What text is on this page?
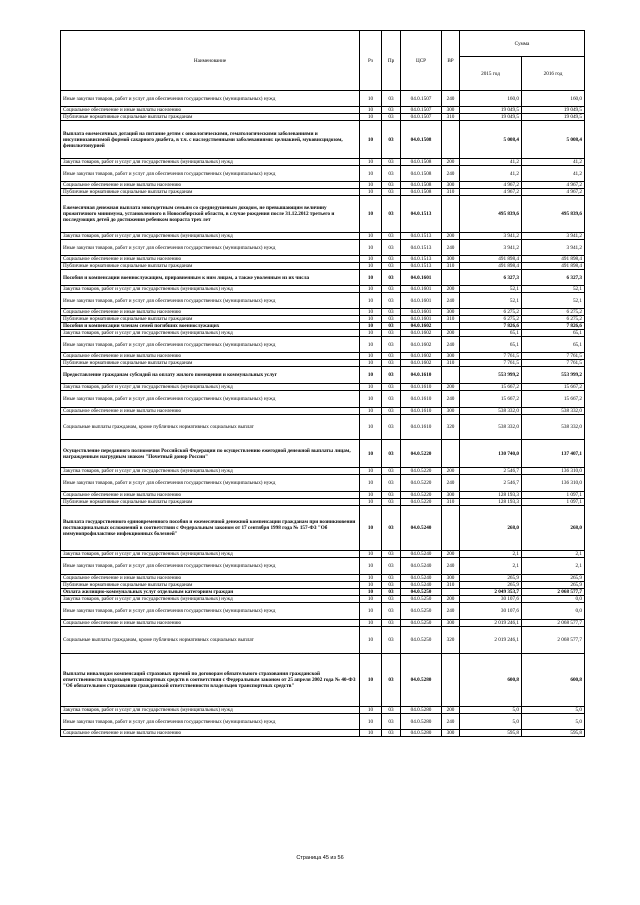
Наименование	Рз	Пр	ЦСР	ВР	Сумма	
					2015 год	2016 год
Иные закупки товаров, работ и услуг для обеспечения государственных (муниципальных) нужд	10	03	04.0.1507	240	160,0	160,0
Социальное обеспечение и иные выплаты населению	10	03	04.0.1507	300	19 049,5	19 049,5
Публичные нормативные социальные выплаты гражданам	10	03	04.0.1507	310	19 049,5	19 049,5
Выплата ежемесячных дотаций на питание детям с онкологическими, гематологическими заболеваниями и инсулинозависимой формой сахарного диабета, в т.ч. с наследственными заболеваниями: целиакией, муковисцидозом, фенилкетонурией	10	03	04.0.1508		5 008,4	5 008,4
Закупка товаров, работ и услуг для государственных (муниципальных) нужд	10	03	04.0.1508	200	41,2	41,2
Иные закупки товаров, работ и услуг для обеспечения государственных (муниципальных) нужд	10	03	04.0.1508	240	41,2	41,2
Социальное обеспечение и иные выплаты населению	10	03	04.0.1508	300	4 967,2	4 967,2
Публичные нормативные социальные выплаты гражданам	10	03	04.0.1508	310	4 967,2	4 967,2
Ежемесячная денежная выплата многодетным семьям со среднедушевым доходом, не превышающим величину прожиточного минимума, установленного в Новосибирской области, в случае рождения после 31.12.2012 третьего и последующих детей до достижения ребенком возраста трех лет	10	03	04.0.1513		495 839,6	495 839,6
Закупка товаров, работ и услуг для государственных (муниципальных) нужд	10	03	04.0.1513	200	3 941,2	3 941,2
Иные закупки товаров, работ и услуг для обеспечения государственных (муниципальных) нужд	10	03	04.0.1513	240	3 941,2	3 941,2
Социальное обеспечение и иные выплаты населению	10	03	04.0.1513	300	491 898,4	491 898,4
Публичные нормативные социальные выплаты гражданам	10	03	04.0.1513	310	491 898,4	491 898,4
Пособия и компенсации военнослужащим, приравненным к ним лицам, а также уволенным из их числа	10	03	04.0.1601		6 327,3	6 327,3
Закупка товаров, работ и услуг для государственных (муниципальных) нужд	10	03	04.0.1601	200	52,1	52,1
Иные закупки товаров, работ и услуг для обеспечения государственных (муниципальных) нужд	10	03	04.0.1601	240	52,1	52,1
Социальное обеспечение и иные выплаты населению	10	03	04.0.1601	300	6 275,2	6 275,2
Публичные нормативные социальные выплаты гражданам	10	03	04.0.1601	310	6 275,2	6 275,2
Пособия и компенсации членам семей погибших военнослужащих	10	03	04.0.1602		7 826,6	7 826,6
Закупка товаров, работ и услуг для государственных (муниципальных) нужд	10	03	04.0.1602	200	65,1	65,1
Иные закупки товаров, работ и услуг для обеспечения государственных (муниципальных) нужд	10	03	04.0.1602	240	65,1	65,1
Социальное обеспечение и иные выплаты населению	10	03	04.0.1602	300	7 761,5	7 761,5
Публичные нормативные социальные выплаты гражданам	10	03	04.0.1602	310	7 761,5	7 761,5
Предоставление гражданам субсидий на оплату жилого помещения и коммунальных услуг	10	03	04.0.1610		553 999,2	553 999,2
Закупка товаров, работ и услуг для государственных (муниципальных) нужд	10	03	04.0.1610	200	15 667,2	15 667,2
Иные закупки товаров, работ и услуг для обеспечения государственных (муниципальных) нужд	10	03	04.0.1610	240	15 667,2	15 667,2
Социальное обеспечение и иные выплаты населению	10	03	04.0.1610	300	538 332,0	538 332,0
Социальные выплаты гражданам, кроме публичных нормативных социальных выплат	10	03	04.0.1610	320	538 332,0	538 332,0
Осуществление переданного полномочия Российской Федерации по осуществлению ежегодной денежной выплаты лицам, награжденным нагрудным знаком "Почетный донор России"	10	03	04.0.5220		130 740,0	137 407,1
Закупка товаров, работ и услуг для государственных (муниципальных) нужд	10	03	04.0.5220	200	2 546,7	136 310,0
Иные закупки товаров, работ и услуг для обеспечения государственных (муниципальных) нужд	10	03	04.0.5220	240	2 546,7	136 310,0
Социальное обеспечение и иные выплаты населению	10	03	04.0.5220	300	128 193,3	1 097,1
Публичные нормативные социальные выплаты гражданам	10	03	04.0.5220	310	128 193,3	1 097,1
Выплата государственного единовременного пособия и ежемесячной денежной компенсации гражданам при возникновении поствакцинальных осложнений в соответствии с Федеральным законом от 17 сентября 1998 года № 157-ФЗ "Об иммунопрофилактике инфекционных болезней"	10	03	04.0.5240		268,0	268,0
Закупка товаров, работ и услуг для государственных (муниципальных) нужд	10	03	04.0.5240	200	2,1	2,1
Иные закупки товаров, работ и услуг для обеспечения государственных (муниципальных) нужд	10	03	04.0.5240	240	2,1	2,1
Социальное обеспечение и иные выплаты населению	10	03	04.0.5240	300	265,9	265,9
Публичные нормативные социальные выплаты гражданам	10	03	04.0.5240	310	265,9	265,9
Оплата жилищно-коммунальных услуг отдельным категориям граждан	10	03	04.0.5250		2 049 353,7	2 068 577,7
Закупка товаров, работ и услуг для государственных (муниципальных) нужд	10	03	04.0.5250	200	30 107,6	0,0
Иные закупки товаров, работ и услуг для обеспечения государственных (муниципальных) нужд	10	03	04.0.5250	240	30 107,6	0,0
Социальное обеспечение и иные выплаты населению	10	03	04.0.5250	300	2 019 246,1	2 068 577,7
Социальные выплаты гражданам, кроме публичных нормативных социальных выплат	10	03	04.0.5250	320	2 019 246,1	2 068 577,7
Выплаты инвалидам компенсаций страховых премий по договорам обязательного страхования гражданской ответственности владельцев транспортных средств в соответствии с Федеральным законом от 25 апреля 2002 года № 40-ФЗ "Об обязательном страховании гражданской ответственности владельцев транспортных средств"	10	03	04.0.5280		600,8	600,8
Закупка товаров, работ и услуг для государственных (муниципальных) нужд	10	03	04.0.5280	200	5,0	5,0
Иные закупки товаров, работ и услуг для обеспечения государственных (муниципальных) нужд	10	03	04.0.5280	240	5,0	5,0
Социальное обеспечение и иные выплаты населению	10	03	04.0.5280	300	595,8	595,8
Страница 45 из 56
